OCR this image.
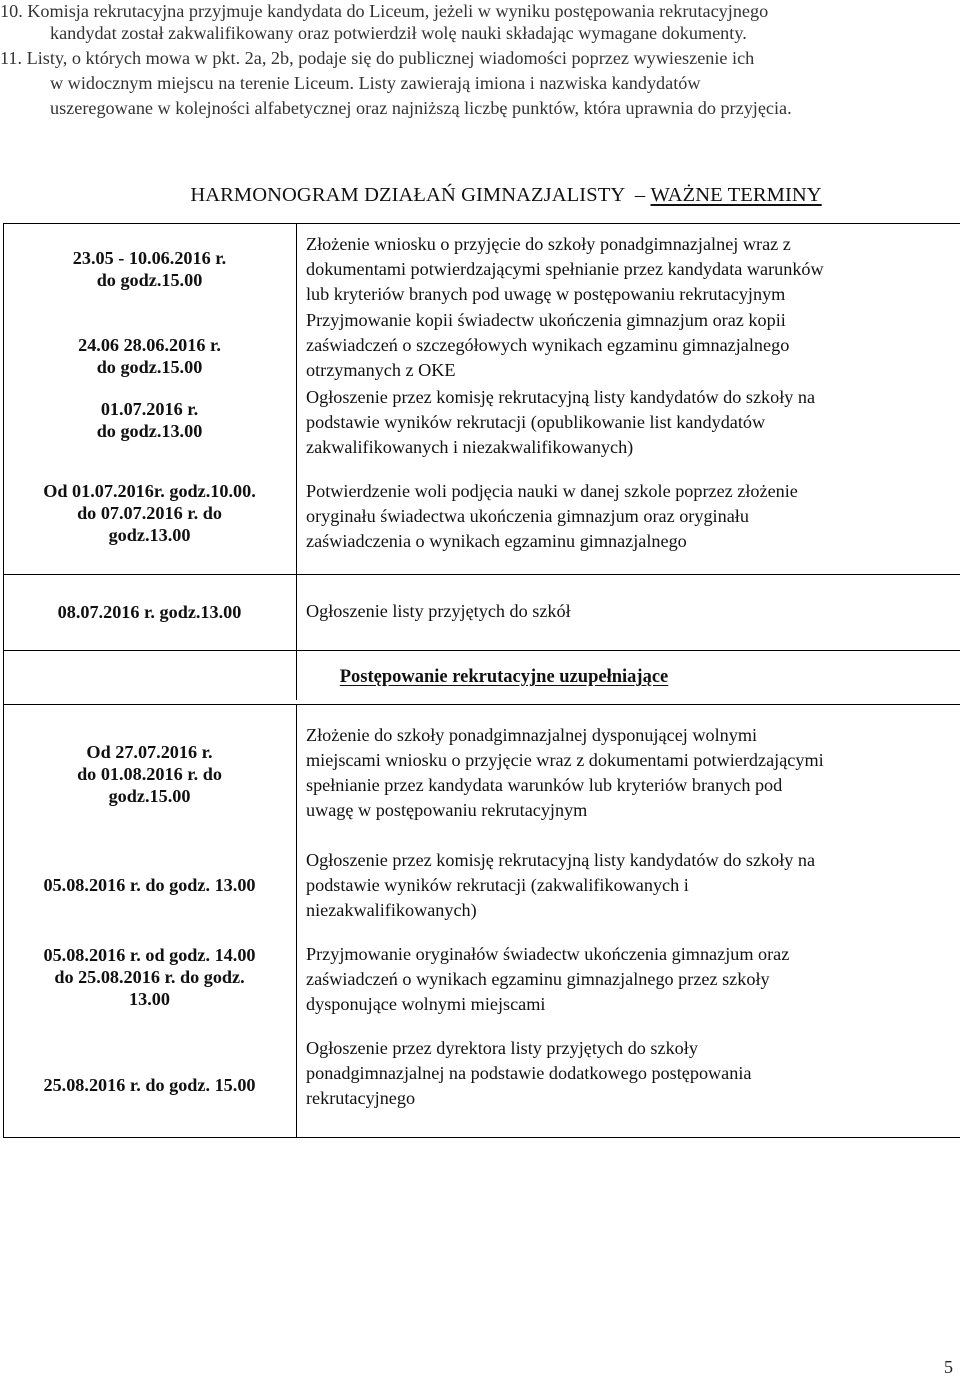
10. Komisja rekrutacyjna przyjmuje kandydata do Liceum, jeżeli w wyniku postępowania rekrutacyjnego
kandydat został zakwalifikowany oraz potwierdził wolę nauki składając wymagane dokumenty.
11. Listy, o których mowa w pkt. 2a, 2b, podaje się do publicznej wiadomości poprzez wywieszenie ich
w widocznym miejscu na terenie Liceum. Listy zawierają imiona i nazwiska kandydatów
uszeregowane w kolejności alfabetycznej oraz najniższą liczbę punktów, która uprawnia do przyjęcia.
HARMONOGRAM DZIAŁAŃ GIMNAZJALISTY  – WAŻNE TERMINY
23.05 - 10.06.2016 r.
do godz.15.00
Złożenie wniosku o przyjęcie do szkoły ponadgimnazjalnej wraz z
dokumentami potwierdzającymi spełnianie przez kandydata warunków
lub kryteriów branych pod uwagę w postępowaniu rekrutacyjnym
24.06 28.06.2016 r.
do godz.15.00
Przyjmowanie kopii świadectw ukończenia gimnazjum oraz kopii
zaświadczeń o szczegółowych wynikach egzaminu gimnazjalnego
otrzymanych z OKE
01.07.2016 r.
do godz.13.00
Ogłoszenie przez komisję rekrutacyjną listy kandydatów do szkoły na
podstawie wyników rekrutacji (opublikowanie list kandydatów
zakwalifikowanych i niezakwalifikowanych)
Od 01.07.2016r. godz.10.00.
do 07.07.2016 r. do
godz.13.00
Potwierdzenie woli podjęcia nauki w danej szkole poprzez złożenie
oryginału świadectwa ukończenia gimnazjum oraz oryginału
zaświadczenia o wynikach egzaminu gimnazjalnego
08.07.2016 r. godz.13.00	Ogłoszenie listy przyjętych do szkół
Postępowanie rekrutacyjne uzupełniające
Od 27.07.2016 r.
do 01.08.2016 r. do
godz.15.00
Złożenie do szkoły ponadgimnazjalnej dysponującej wolnymi
miejscami wniosku o przyjęcie wraz z dokumentami potwierdzającymi
spełnianie przez kandydata warunków lub kryteriów branych pod
uwagę w postępowaniu rekrutacyjnym
05.08.2016 r. do godz. 13.00
Ogłoszenie przez komisję rekrutacyjną listy kandydatów do szkoły na
podstawie wyników rekrutacji (zakwalifikowanych i
niezakwalifikowanych)
05.08.2016 r. od godz. 14.00
do 25.08.2016 r. do godz.
13.00
Przyjmowanie oryginałów świadectw ukończenia gimnazjum oraz
zaświadczeń o wynikach egzaminu gimnazjalnego przez szkoły
dysponujące wolnymi miejscami
25.08.2016 r. do godz. 15.00
Ogłoszenie przez dyrektora listy przyjętych do szkoły
ponadgimnazjalnej na podstawie dodatkowego postępowania
rekrutacyjnego
5
